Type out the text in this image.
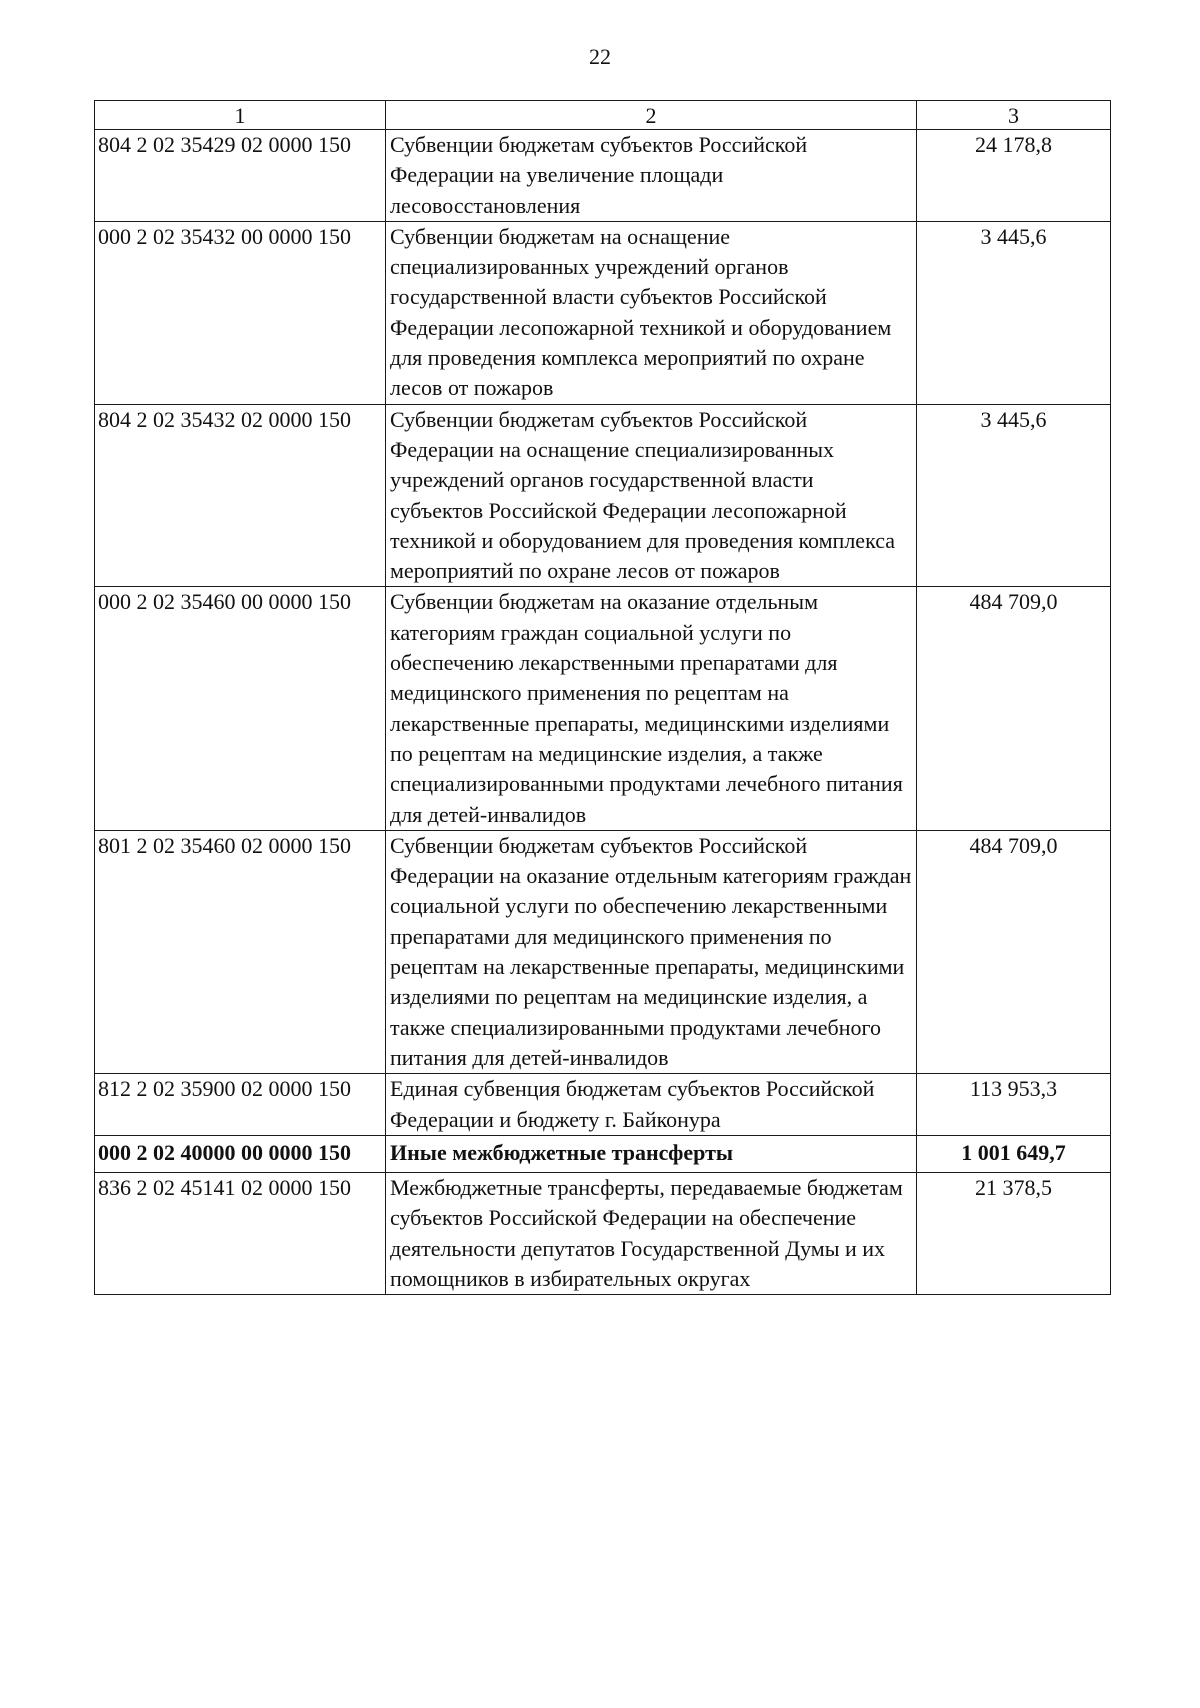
22
1	2	3
804 2 02 35429 02 0000 150	Субвенции бюджетам субъектов Российской Федерации на увеличение площади лесовосстановления	24 178,8
000 2 02 35432 00 0000 150	Субвенции бюджетам на оснащение специализированных учреждений органов государственной власти субъектов Российской Федерации лесопожарной техникой и оборудованием для проведения комплекса мероприятий по охране лесов от пожаров	3 445,6
804 2 02 35432 02 0000 150	Субвенции бюджетам субъектов Российской Федерации на оснащение специализированных учреждений органов государственной власти субъектов Российской Федерации лесопожарной техникой и оборудованием для проведения комплекса мероприятий по охране лесов от пожаров	3 445,6
000 2 02 35460 00 0000 150	Субвенции бюджетам на оказание отдельным категориям граждан социальной услуги по обеспечению лекарственными препаратами для медицинского применения по рецептам на лекарственные препараты, медицинскими изделиями по рецептам на медицинские изделия, а также специализированными продуктами лечебного питания для детей-инвалидов	484 709,0
801 2 02 35460 02 0000 150	Субвенции бюджетам субъектов Российской Федерации на оказание отдельным категориям граждан социальной услуги по обеспечению лекарственными препаратами для медицинского применения по рецептам на лекарственные препараты, медицинскими изделиями по рецептам на медицинские изделия, а также специализированными продуктами лечебного питания для детей-инвалидов	484 709,0
812 2 02 35900 02 0000 150	Единая субвенция бюджетам субъектов Российской Федерации и бюджету г. Байконура	113 953,3
000 2 02 40000 00 0000 150	Иные межбюджетные трансферты	1 001 649,7
836 2 02 45141 02 0000 150	Межбюджетные трансферты, передаваемые бюджетам субъектов Российской Федерации на обеспечение деятельности депутатов Государственной Думы и их помощников в избирательных округах	21 378,5
